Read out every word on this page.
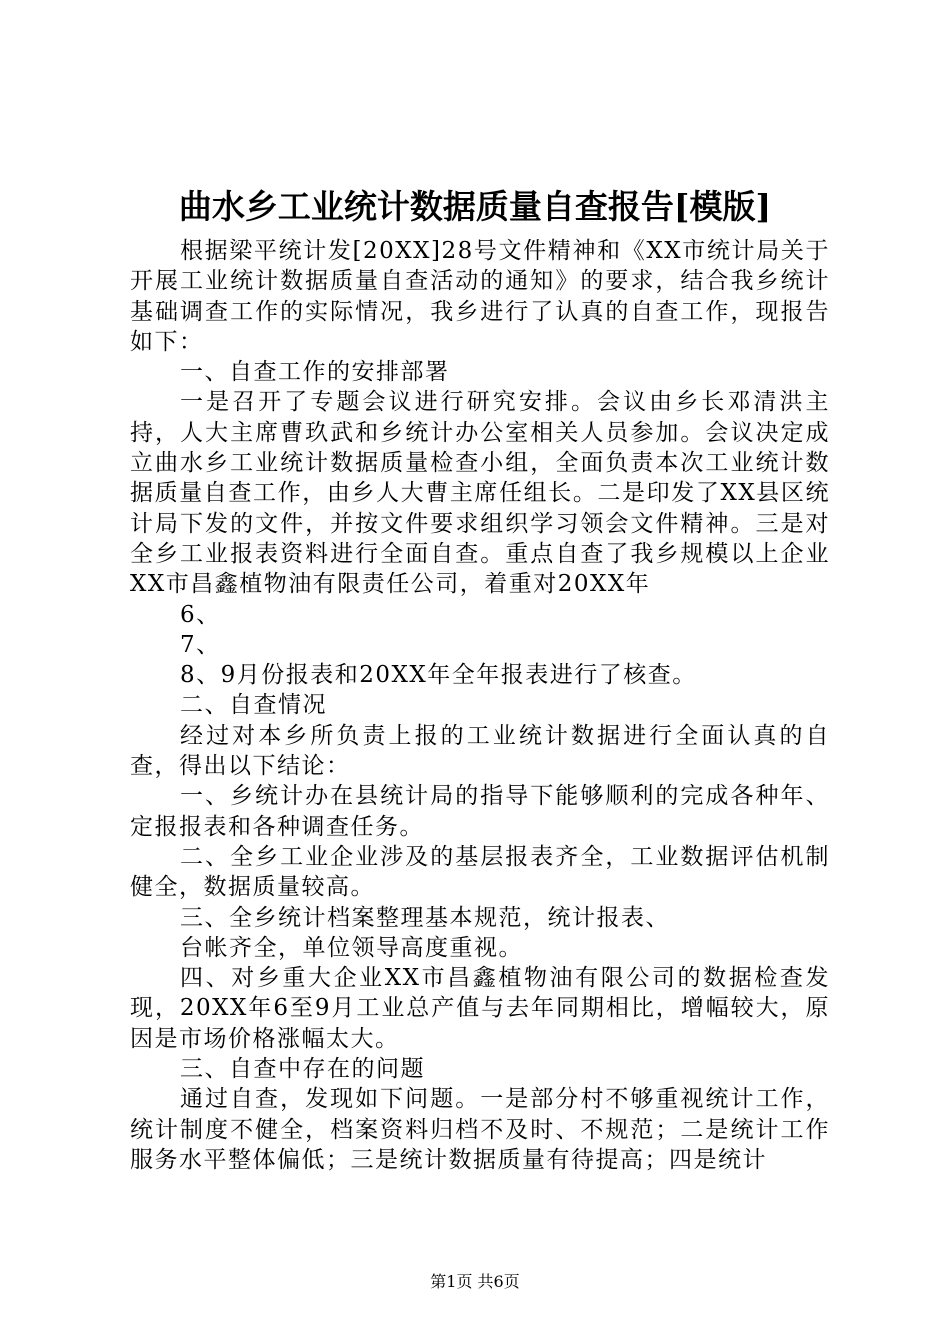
曲水乡工业统计数据质量自查报告[模版]

根据梁平统计发[20XX]28号文件精神和《XX市统计局关于开展工业统计数据质量自查活动的通知》的要求，结合我乡统计基础调查工作的实际情况，我乡进行了认真的自查工作，现报告如下：

一、自查工作的安排部署

一是召开了专题会议进行研究安排。会议由乡长邓清洪主持，人大主席曹玖武和乡统计办公室相关人员参加。会议决定成立曲水乡工业统计数据质量检查小组，全面负责本次工业统计数据质量自查工作，由乡人大曹主席任组长。二是印发了XX县区统计局下发的文件，并按文件要求组织学习领会文件精神。三是对全乡工业报表资料进行全面自查。重点自查了我乡规模以上企业XX市昌鑫植物油有限责任公司，着重对20XX年

6、

7、

8、9月份报表和20XX年全年报表进行了核查。

二、自查情况

经过对本乡所负责上报的工业统计数据进行全面认真的自查，得出以下结论：

一、乡统计办在县统计局的指导下能够顺利的完成各种年、定报报表和各种调查任务。

二、全乡工业企业涉及的基层报表齐全，工业数据评估机制健全，数据质量较高。

三、全乡统计档案整理基本规范，统计报表、

台帐齐全，单位领导高度重视。

四、对乡重大企业XX市昌鑫植物油有限公司的数据检查发现，20XX年6至9月工业总产值与去年同期相比，增幅较大，原因是市场价格涨幅太大。

三、自查中存在的问题

通过自查，发现如下问题。一是部分村不够重视统计工作，统计制度不健全，档案资料归档不及时、不规范；二是统计工作服务水平整体偏低；三是统计数据质量有待提高；四是统计

第1页 共6页
